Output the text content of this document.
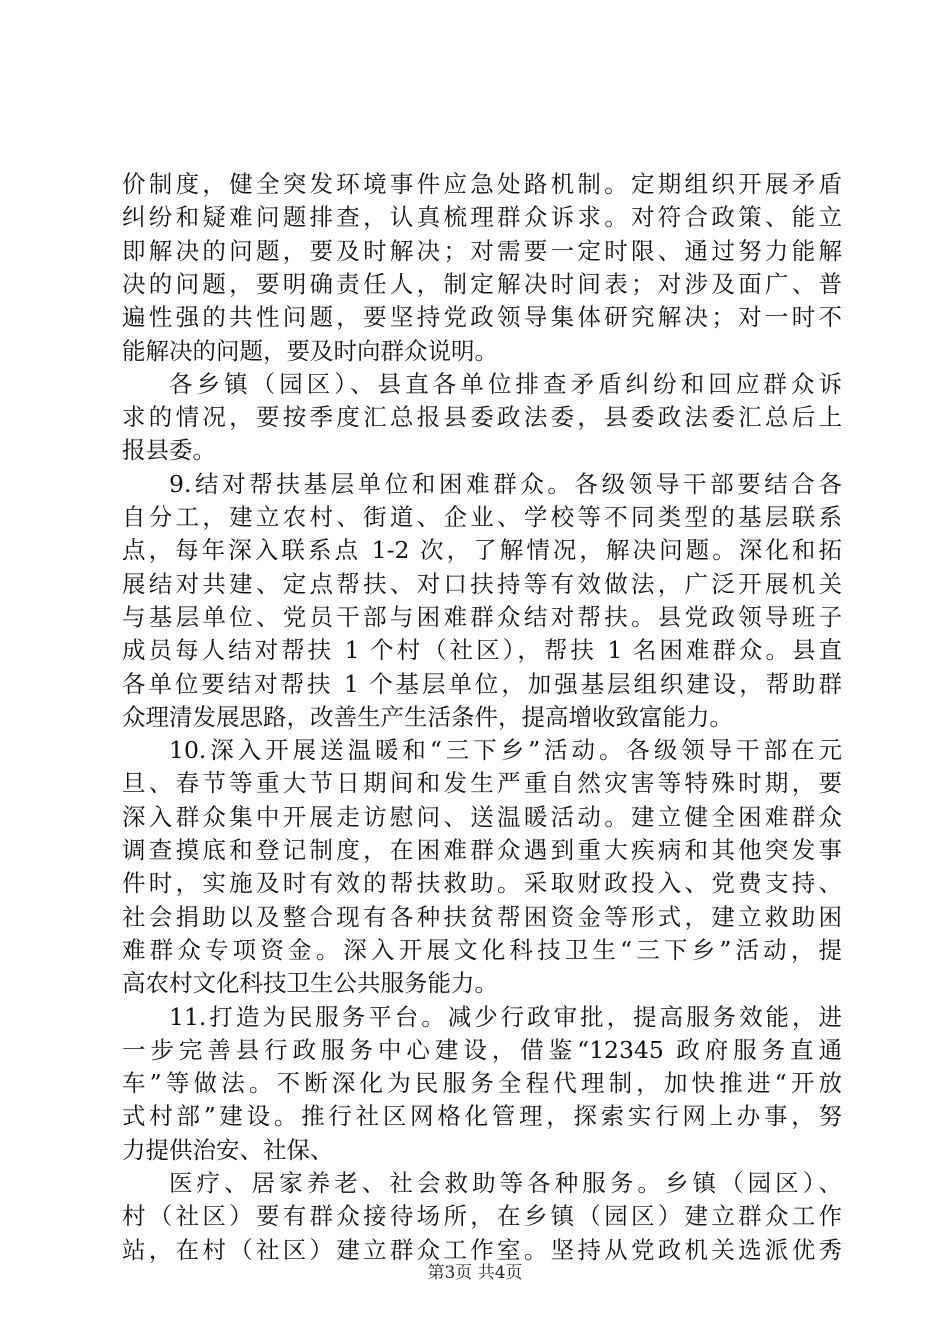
价制度，健全突发环境事件应急处路机制。定期组织开展矛盾
纠纷和疑难问题排查，认真梳理群众诉求。对符合政策、能立
即解决的问题，要及时解决；对需要一定时限、通过努力能解
决的问题，要明确责任人，制定解决时间表；对涉及面广、普
遍性强的共性问题，要坚持党政领导集体研究解决；对一时不
能解决的问题，要及时向群众说明。
各乡镇（园区）、县直各单位排查矛盾纠纷和回应群众诉
求的情况，要按季度汇总报县委政法委，县委政法委汇总后上
报县委。
9.结对帮扶基层单位和困难群众。各级领导干部要结合各
自分工，建立农村、街道、企业、学校等不同类型的基层联系
点，每年深入联系点 1-2 次，了解情况，解决问题。深化和拓
展结对共建、定点帮扶、对口扶持等有效做法，广泛开展机关
与基层单位、党员干部与困难群众结对帮扶。县党政领导班子
成员每人结对帮扶 1 个村（社区），帮扶 1 名困难群众。县直
各单位要结对帮扶 1 个基层单位，加强基层组织建设，帮助群
众理清发展思路，改善生产生活条件，提高增收致富能力。
10.深入开展送温暖和“三下乡”活动。各级领导干部在元
旦、春节等重大节日期间和发生严重自然灾害等特殊时期，要
深入群众集中开展走访慰问、送温暖活动。建立健全困难群众
调查摸底和登记制度，在困难群众遇到重大疾病和其他突发事
件时，实施及时有效的帮扶救助。采取财政投入、党费支持、
社会捐助以及整合现有各种扶贫帮困资金等形式，建立救助困
难群众专项资金。深入开展文化科技卫生“三下乡”活动，提
高农村文化科技卫生公共服务能力。
11.打造为民服务平台。减少行政审批，提高服务效能，进
一步完善县行政服务中心建设，借鉴“12345 政府服务直通
车”等做法。不断深化为民服务全程代理制，加快推进“开放
式村部”建设。推行社区网格化管理，探索实行网上办事，努
力提供治安、社保、
医疗、居家养老、社会救助等各种服务。乡镇（园区）、
村（社区）要有群众接待场所，在乡镇（园区）建立群众工作
站，在村（社区）建立群众工作室。坚持从党政机关选派优秀
第3页 共4页
